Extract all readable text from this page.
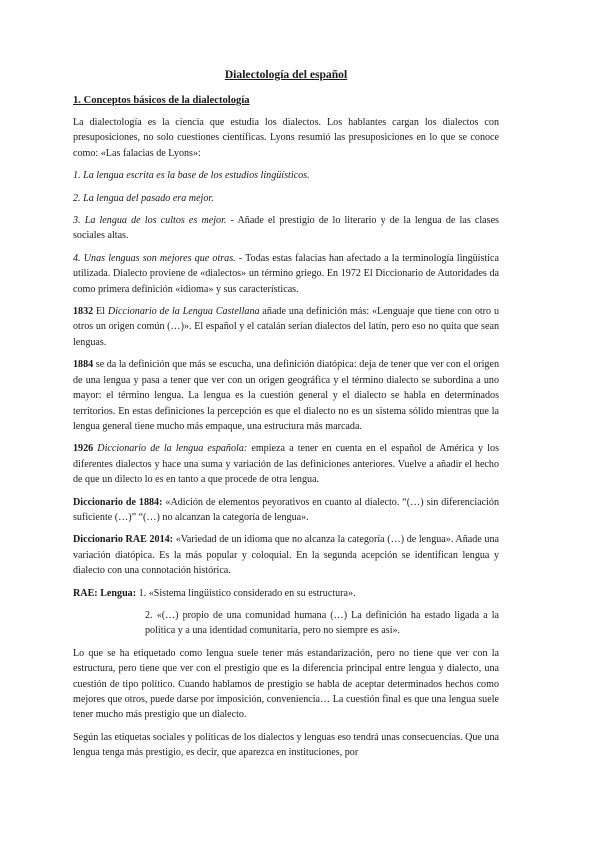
Dialectología del español
1. Conceptos básicos de la dialectología

La dialectología es la ciencia que estudia los dialectos. Los hablantes cargan los dialectos con presuposiciones, no solo cuestiones científicas. Lyons resumió las presuposiciones en lo que se conoce como: «Las falacias de Lyons»:

1. La lengua escrita es la base de los estudios lingüísticos.

2. La lengua del pasado era mejor.

3. La lengua de los cultos es mejor. - Añade el prestigio de lo literario y de la lengua de las clases sociales altas.

4. Unas lenguas son mejores que otras. - Todas estas falacias han afectado a la terminología lingüística utilizada. Dialecto proviene de «dialectos» un término griego. En 1972 El Diccionario de Autoridades da como primera definición «idioma» y sus características.

1832 El Diccionario de la Lengua Castellana añade una definición más: «Lenguaje que tiene con otro u otros un origen común (…)». El español y el catalán serían dialectos del latín, pero eso no quita que sean lenguas.

1884 se da la definición que más se escucha, una definición diatópica: deja de tener que ver con el origen de una lengua y pasa a tener que ver con un origen geográfica y el término dialecto se subordina a uno mayor: el término lengua. La lengua es la cuestión general y el dialecto se habla en determinados territorios. En estas definiciones la percepción es que el dialecto no es un sistema sólido mientras que la lengua general tiene mucho más empaque, una estructura más marcada.

1926 Diccionario de la lengua española: empieza a tener en cuenta en el español de América y los diferentes dialectos y hace una suma y variación de las definiciones anteriores. Vuelve a añadir el hecho de que un dilecto lo es en tanto a que procede de otra lengua.

Diccionario de 1884: «Adición de elementos peyorativos en cuanto al dialecto. “(…) sin diferenciación suficiente (…)” “(…) no alcanzan la categoría de lengua».

Diccionario RAE 2014: «Variedad de un idioma que no alcanza la categoría (…) de lengua». Añade una variación diatópica. Es la más popular y coloquial. En la segunda acepción se identifican lengua y dialecto con una connotación histórica.

RAE: Lengua: 1. «Sistema lingüístico considerado en su estructura».

2. «(…) propio de una comunidad humana (…) La definición ha estado ligada a la política y a una identidad comunitaria, pero no siempre es así».

Lo que se ha etiquetado como lengua suele tener más estandarización, pero no tiene que ver con la estructura, pero tiene que ver con el prestigio que es la diferencia principal entre lengua y dialecto, una cuestión de tipo político. Cuando hablamos de prestigio se habla de aceptar determinados hechos como mejores que otros, puede darse por imposición, conveniencia… La cuestión final es que una lengua suele tener mucho más prestigio que un dialecto.

Según las etiquetas sociales y políticas de los dialectos y lenguas eso tendrá unas consecuencias. Que una lengua tenga más prestigio, es decir, que aparezca en instituciones, por
